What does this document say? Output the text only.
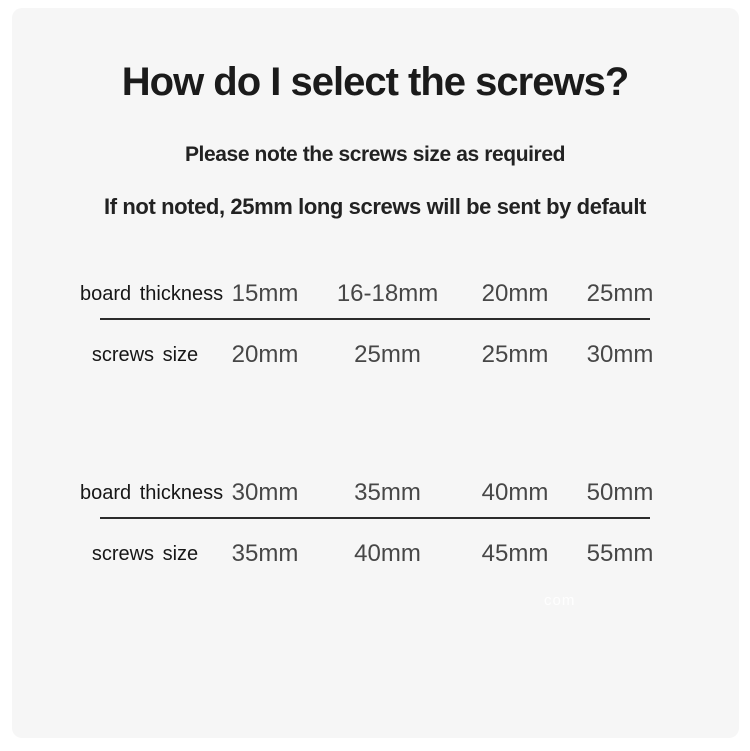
How do I select the screws?
Please note the screws size as required
If not noted, 25mm long screws will be sent by default
board thickness 15mm	16-18mm	20mm	25mm
screws size	20mm	25mm	25mm	30mm
board thickness 30mm	35mm	40mm	50mm
screws size	35mm	40mm	45mm	55mm
com
